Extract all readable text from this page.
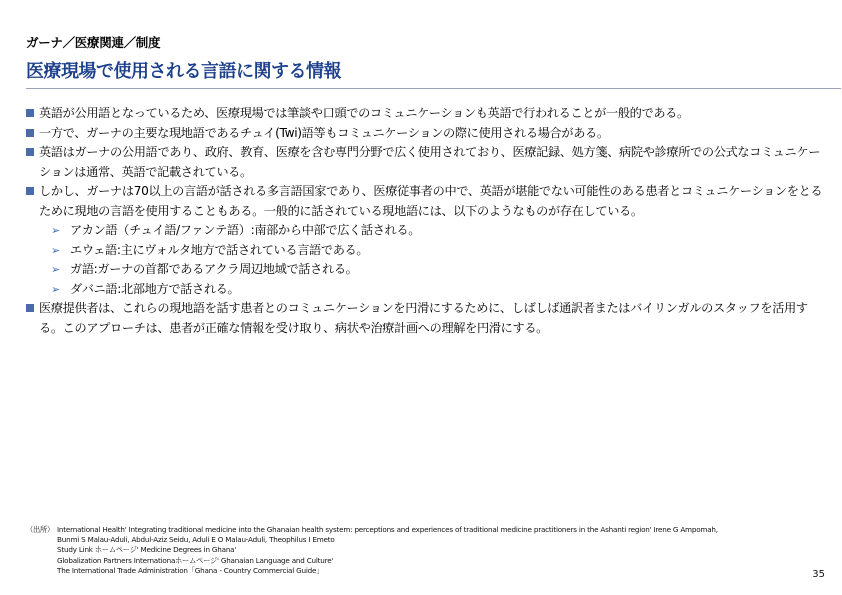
ガーナ／医療関連／制度
医療現場で使用される言語に関する情報
英語が公用語となっているため、医療現場では筆談や口頭でのコミュニケーションも英語で行われることが一般的である。
一方で、ガーナの主要な現地語であるチュイ(Twi)語等もコミュニケーションの際に使用される場合がある。
英語はガーナの公用語であり、政府、教育、医療を含む専門分野で広く使用されており、医療記録、処方箋、病院や診療所での公式なコミュニケーションは通常、英語で記載されている。
しかし、ガーナは70以上の言語が話される多言語国家であり、医療従事者の中で、英語が堪能でない可能性のある患者とコミュニケーションをとるために現地の言語を使用することもある。一般的に話されている現地語には、以下のようなものが存在している。
➢ アカン語（チュイ語/ファンテ語）:南部から中部で広く話される。
➢ エウェ語:主にヴォルタ地方で話されている言語である。
➢ ガ語:ガーナの首都であるアクラ周辺地域で話される。
➢ ダバニ語:北部地方で話される。
医療提供者は、これらの現地語を話す患者とのコミュニケーションを円滑にするために、しばしば通訳者またはバイリンガルのスタッフを活用する。このアプローチは、患者が正確な情報を受け取り、病状や治療計画への理解を円滑にする。
（出所） International Health' Integrating traditional medicine into the Ghanaian health system: perceptions and experiences of traditional medicine practitioners in the Ashanti region' Irene G Ampomah,
Bunmi S Malau-Aduli, Abdul-Aziz Seidu, Aduli E O Malau-Aduli, Theophilus I Emeto
Study Link ホームページ' Medicine Degrees in Ghana'
Globalization Partners Internationaホームページ' Ghanaian Language and Culture'
The International Trade Administration「Ghana - Country Commercial Guide」	35
